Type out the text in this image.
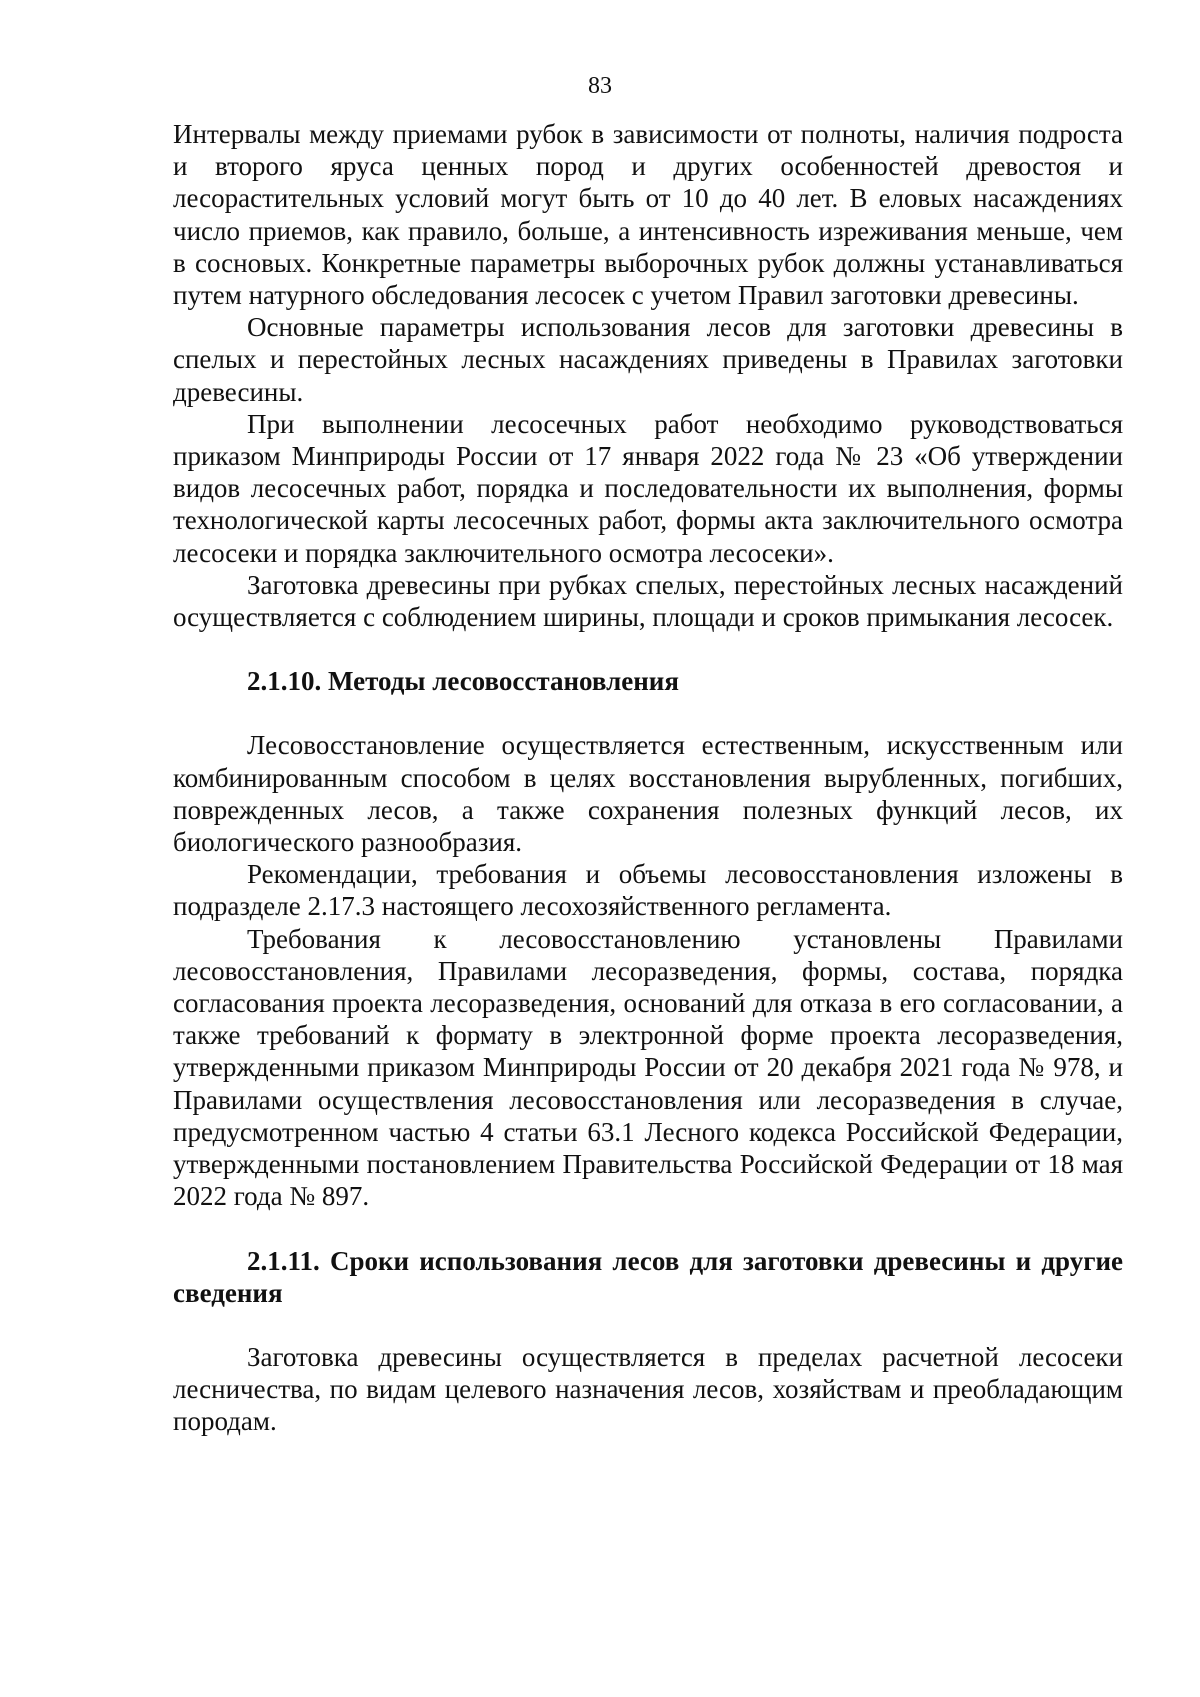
83

Интервалы между приемами рубок в зависимости от полноты, наличия подроста и второго яруса ценных пород и других особенностей древостоя и лесорастительных условий могут быть от 10 до 40 лет. В еловых насаждениях число приемов, как правило, больше, а интенсивность изреживания меньше, чем в сосновых. Конкретные параметры выборочных рубок должны устанавливаться путем натурного обследования лесосек с учетом Правил заготовки древесины.

Основные параметры использования лесов для заготовки древесины в спелых и перестойных лесных насаждениях приведены в Правилах заготовки древесины.

При выполнении лесосечных работ необходимо руководствоваться приказом Минприроды России от 17 января 2022 года № 23 «Об утверждении видов лесосечных работ, порядка и последовательности их выполнения, формы технологической карты лесосечных работ, формы акта заключительного осмотра лесосеки и порядка заключительного осмотра лесосеки».

Заготовка древесины при рубках спелых, перестойных лесных насаждений осуществляется с соблюдением ширины, площади и сроков примыкания лесосек.

2.1.10. Методы лесовосстановления

Лесовосстановление осуществляется естественным, искусственным или комбинированным способом в целях восстановления вырубленных, погибших, поврежденных лесов, а также сохранения полезных функций лесов, их биологического разнообразия.

Рекомендации, требования и объемы лесовосстановления изложены в подразделе 2.17.3 настоящего лесохозяйственного регламента.

Требования к лесовосстановлению установлены Правилами лесовосстановления, Правилами лесоразведения, формы, состава, порядка согласования проекта лесоразведения, оснований для отказа в его согласовании, а также требований к формату в электронной форме проекта лесоразведения, утвержденными приказом Минприроды России от 20 декабря 2021 года № 978, и Правилами осуществления лесовосстановления или лесоразведения в случае, предусмотренном частью 4 статьи 63.1 Лесного кодекса Российской Федерации, утвержденными постановлением Правительства Российской Федерации от 18 мая 2022 года № 897.

2.1.11. Сроки использования лесов для заготовки древесины и другие сведения

Заготовка древесины осуществляется в пределах расчетной лесосеки лесничества, по видам целевого назначения лесов, хозяйствам и преобладающим породам.
